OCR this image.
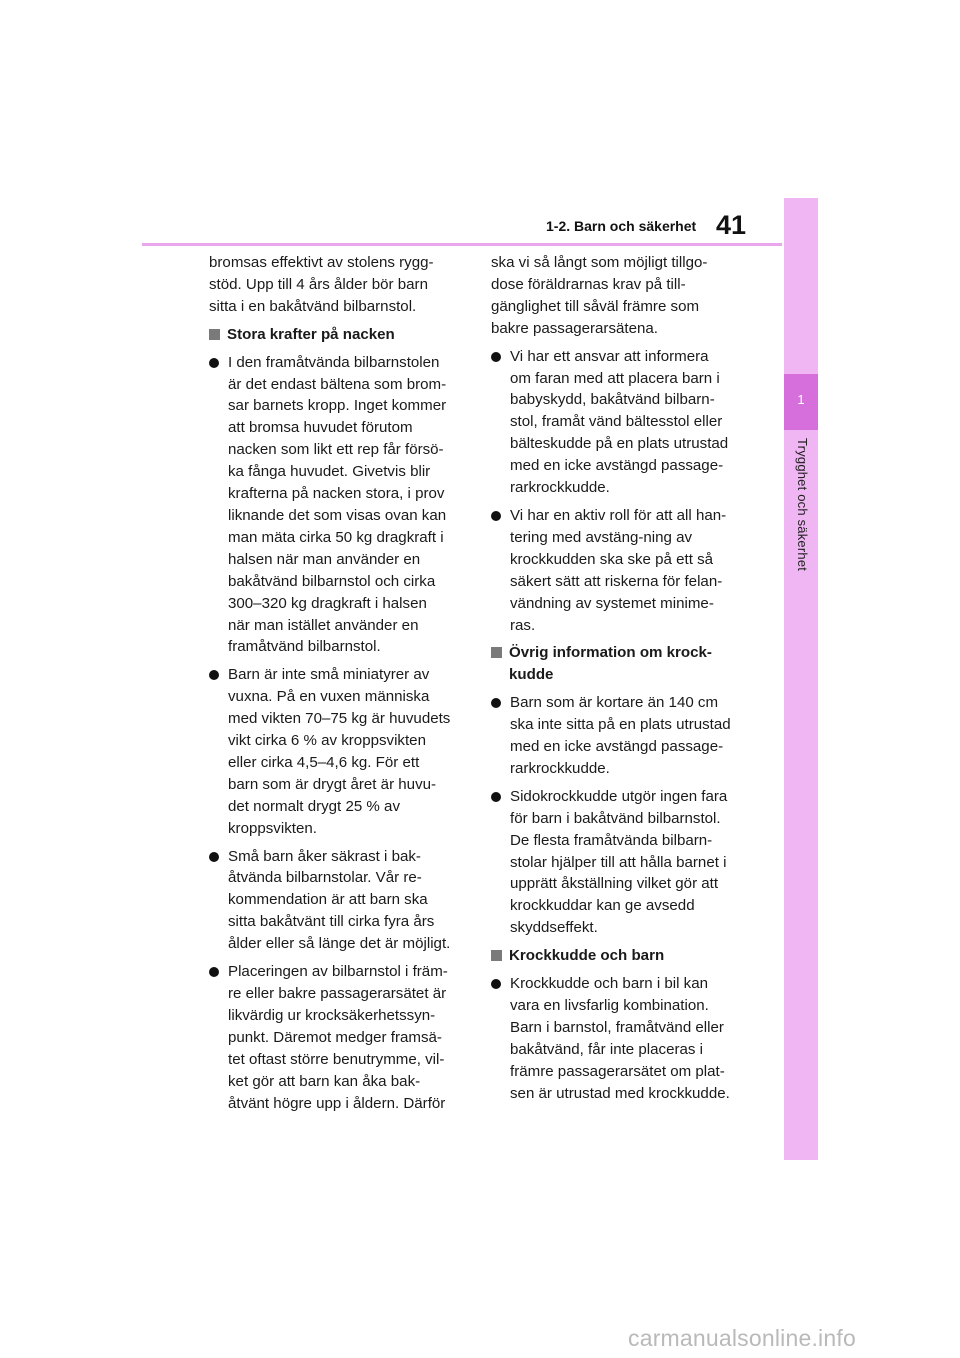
1
Trygghet och säkerhet
1-2. Barn och säkerhet 41

bromsas effektivt av stolens rygg-
stöd. Upp till 4 års ålder bör barn
sitta i en bakåtvänd bilbarnstol.

Stora krafter på nacken
I den framåtvända bilbarnstolen
är det endast bältena som brom-
sar barnets kropp. Inget kommer
att bromsa huvudet förutom
nacken som likt ett rep får försö-
ka fånga huvudet. Givetvis blir
krafterna på nacken stora, i prov
liknande det som visas ovan kan
man mäta cirka 50 kg dragkraft i
halsen när man använder en
bakåtvänd bilbarnstol och cirka
300–320 kg dragkraft i halsen
när man istället använder en
framåtvänd bilbarnstol.
Barn är inte små miniatyrer av
vuxna. På en vuxen människa
med vikten 70–75 kg är huvudets
vikt cirka 6 % av kroppsvikten
eller cirka 4,5–4,6 kg. För ett
barn som är drygt året är huvu-
det normalt drygt 25 % av
kroppsvikten.
Små barn åker säkrast i bak-
åtvända bilbarnstolar. Vår re-
kommendation är att barn ska
sitta bakåtvänt till cirka fyra års
ålder eller så länge det är möjligt.
Placeringen av bilbarnstol i främ-
re eller bakre passagerarsätet är
likvärdig ur krocksäkerhetssyn-
punkt. Däremot medger framsä-
tet oftast större benutrymme, vil-
ket gör att barn kan åka bak-
åtvänt högre upp i åldern. Därför

ska vi så långt som möjligt tillgo-
dose föräldrarnas krav på till-
gänglighet till såväl främre som
bakre passagerarsätena.

Vi har ett ansvar att informera
om faran med att placera barn i
babyskydd, bakåtvänd bilbarn-
stol, framåt vänd bältesstol eller
bälteskudde på en plats utrustad
med en icke avstängd passage-
rarkrockkudde.
Vi har en aktiv roll för att all han-
tering med avstäng-ning av
krockkudden ska ske på ett så
säkert sätt att riskerna för felan-
vändning av systemet minime-
ras.
Övrig information om krock-
kudde
Barn som är kortare än 140 cm
ska inte sitta på en plats utrustad
med en icke avstängd passage-
rarkrockkudde.
Sidokrockkudde utgör ingen fara
för barn i bakåtvänd bilbarnstol.
De flesta framåtvända bilbarn-
stolar hjälper till att hålla barnet i
upprätt åkställning vilket gör att
krockkuddar kan ge avsedd
skyddseffekt.
Krockkudde och barn
Krockkudde och barn i bil kan
vara en livsfarlig kombination.
Barn i barnstol, framåtvänd eller
bakåtvänd, får inte placeras i
främre passagerarsätet om plat-
sen är utrustad med krockkudde.
carmanualsonline.info
